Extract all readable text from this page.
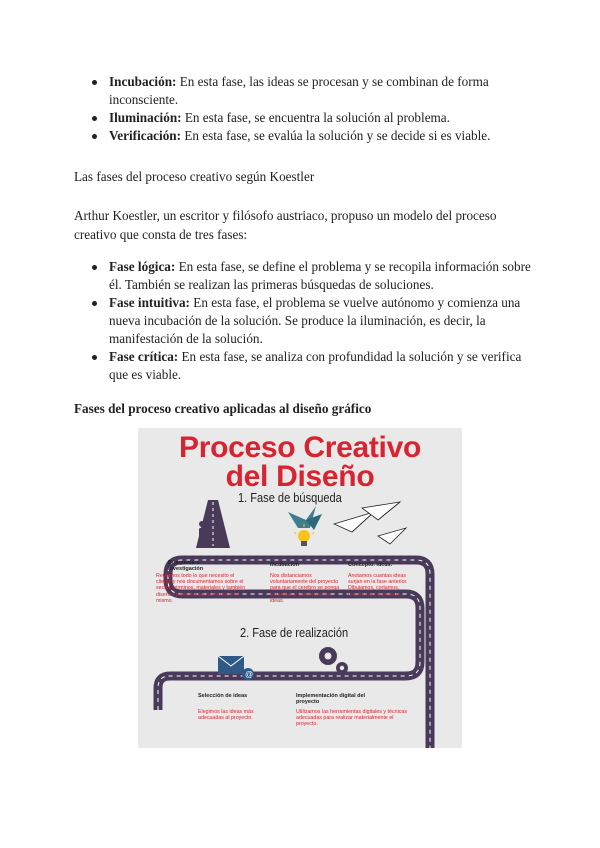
Incubación: En esta fase, las ideas se procesan y se combinan de forma inconsciente.
Iluminación: En esta fase, se encuentra la solución al problema.
Verificación: En esta fase, se evalúa la solución y se decide si es viable.
Las fases del proceso creativo según Koestler
Arthur Koestler, un escritor y filósofo austriaco, propuso un modelo del proceso creativo que consta de tres fases:
Fase lógica: En esta fase, se define el problema y se recopila información sobre él. También se realizan las primeras búsquedas de soluciones.
Fase intuitiva: En esta fase, el problema se vuelve autónomo y comienza una nueva incubación de la solución. Se produce la iluminación, es decir, la manifestación de la solución.
Fase crítica: En esta fase, se analiza con profundidad la solución y se verifica que es viable.
Fases del proceso creativo aplicadas al diseño gráfico
@
Proceso Creativo
del Diseño
1. Fase de búsqueda
2. Fase de realización
Búsqueda o investigación
Reunimos todo lo que necesito el cliente y nos documentamos sobre el sector, términos, materiales y también diseños y tendencias adecuados al mismo.
Incubación
Nos distanciamos voluntariamente del proyecto para que el cerebro se ponga a trabajar y suministre las ideas.
Concepto. ideas.
Anotamos cuantas ideas surjan en la fase anterior. Dibujamos, cortamos, recortamos, borramos,...
Selección de ideas
Elegimos las ideas más adecuadas al proyecto.
Implementación digital del proyecto
Utilizamos las herramientas digitales y técnicas adecuadas para realizar materialmente el proyecto.
